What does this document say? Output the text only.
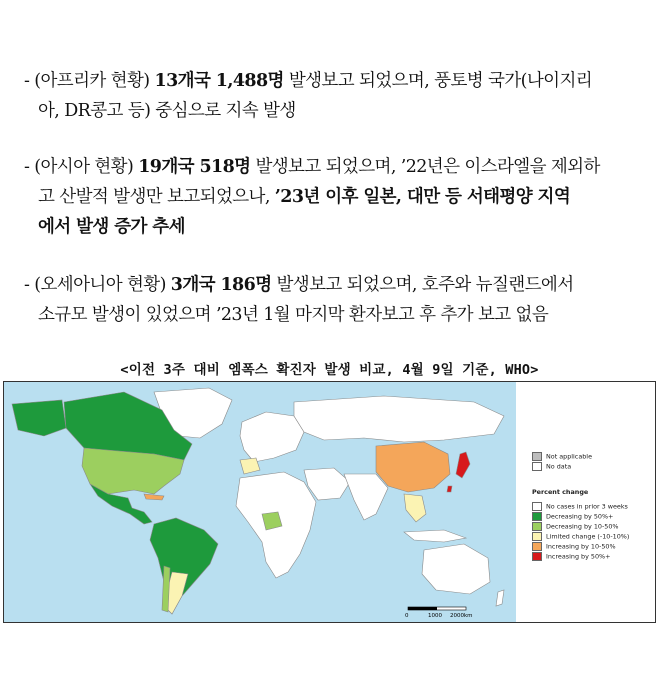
- (아프리카 현황) 13개국 1,488명 발생보고 되었으며, 풍토병 국가(나이지리
아, DR콩고 등) 중심으로 지속 발생
- (아시아 현황) 19개국 518명 발생보고 되었으며, ’22년은 이스라엘을 제외하
고 산발적 발생만 보고되었으나, ’23년 이후 일본, 대만 등 서태평양 지역
에서 발생 증가 추세
- (오세아니아 현황) 3개국 186명 발생보고 되었으며, 호주와 뉴질랜드에서
소규모 발생이 있었으며 ’23년 1월 마지막 환자보고 후 추가 보고 없음
<이전 3주 대비 엠폭스 확진자 발생 비교, 4월 9일 기준, WHO>
0	1000 2000km
Not applicable
No data
Percent change
No cases in prior 3 weeks
Decreasing by 50%+
Decreasing by 10-50%
Limited change (-10-10%)
Increasing by 10-50%
Increasing by 50%+
